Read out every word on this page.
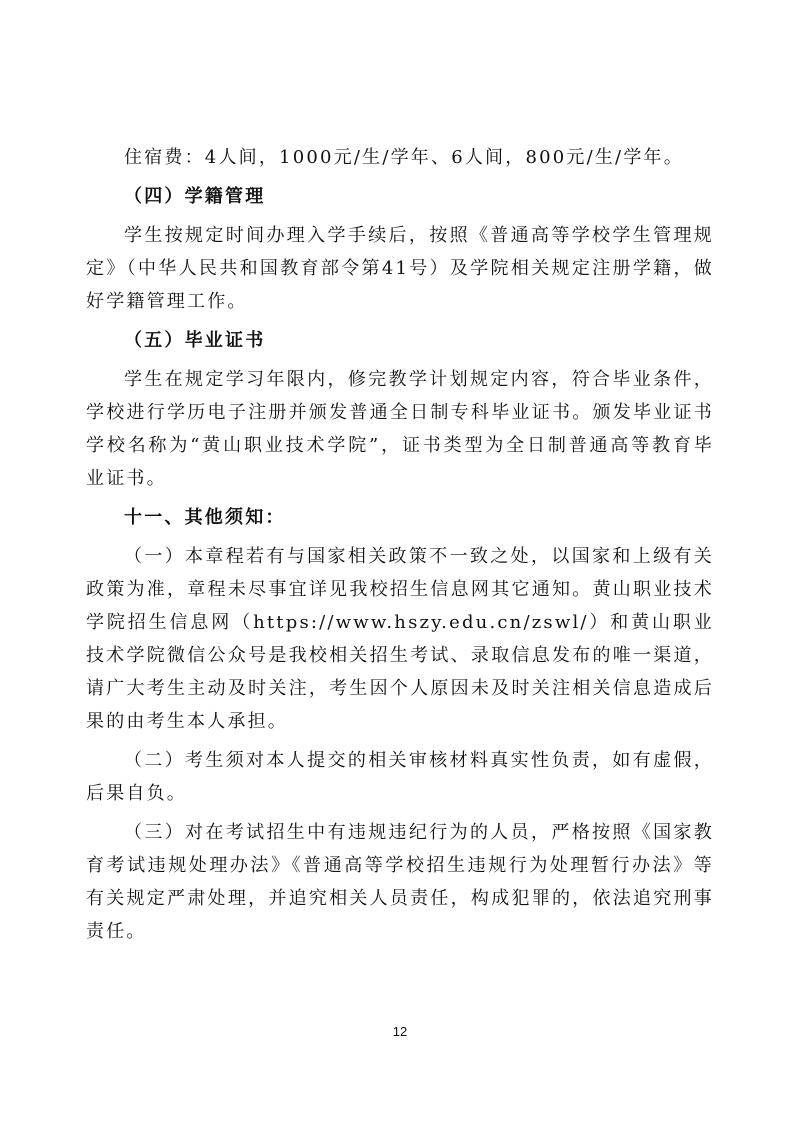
住宿费：4人间，1000元/生/学年、6人间，800元/生/学年。

（四）学籍管理

学生按规定时间办理入学手续后，按照《普通高等学校学生管理规定》（中华人民共和国教育部令第41号）及学院相关规定注册学籍，做好学籍管理工作。

（五）毕业证书

学生在规定学习年限内，修完教学计划规定内容，符合毕业条件，学校进行学历电子注册并颁发普通全日制专科毕业证书。颁发毕业证书学校名称为“黄山职业技术学院”，证书类型为全日制普通高等教育毕业证书。

十一、其他须知：

（一）本章程若有与国家相关政策不一致之处，以国家和上级有关政策为准，章程未尽事宜详见我校招生信息网其它通知。黄山职业技术学院招生信息网（https://www.hszy.edu.cn/zswl/）和黄山职业技术学院微信公众号是我校相关招生考试、录取信息发布的唯一渠道，请广大考生主动及时关注，考生因个人原因未及时关注相关信息造成后果的由考生本人承担。

（二）考生须对本人提交的相关审核材料真实性负责，如有虚假，后果自负。

（三）对在考试招生中有违规违纪行为的人员，严格按照《国家教育考试违规处理办法》《普通高等学校招生违规行为处理暂行办法》等有关规定严肃处理，并追究相关人员责任，构成犯罪的，依法追究刑事责任。

12
